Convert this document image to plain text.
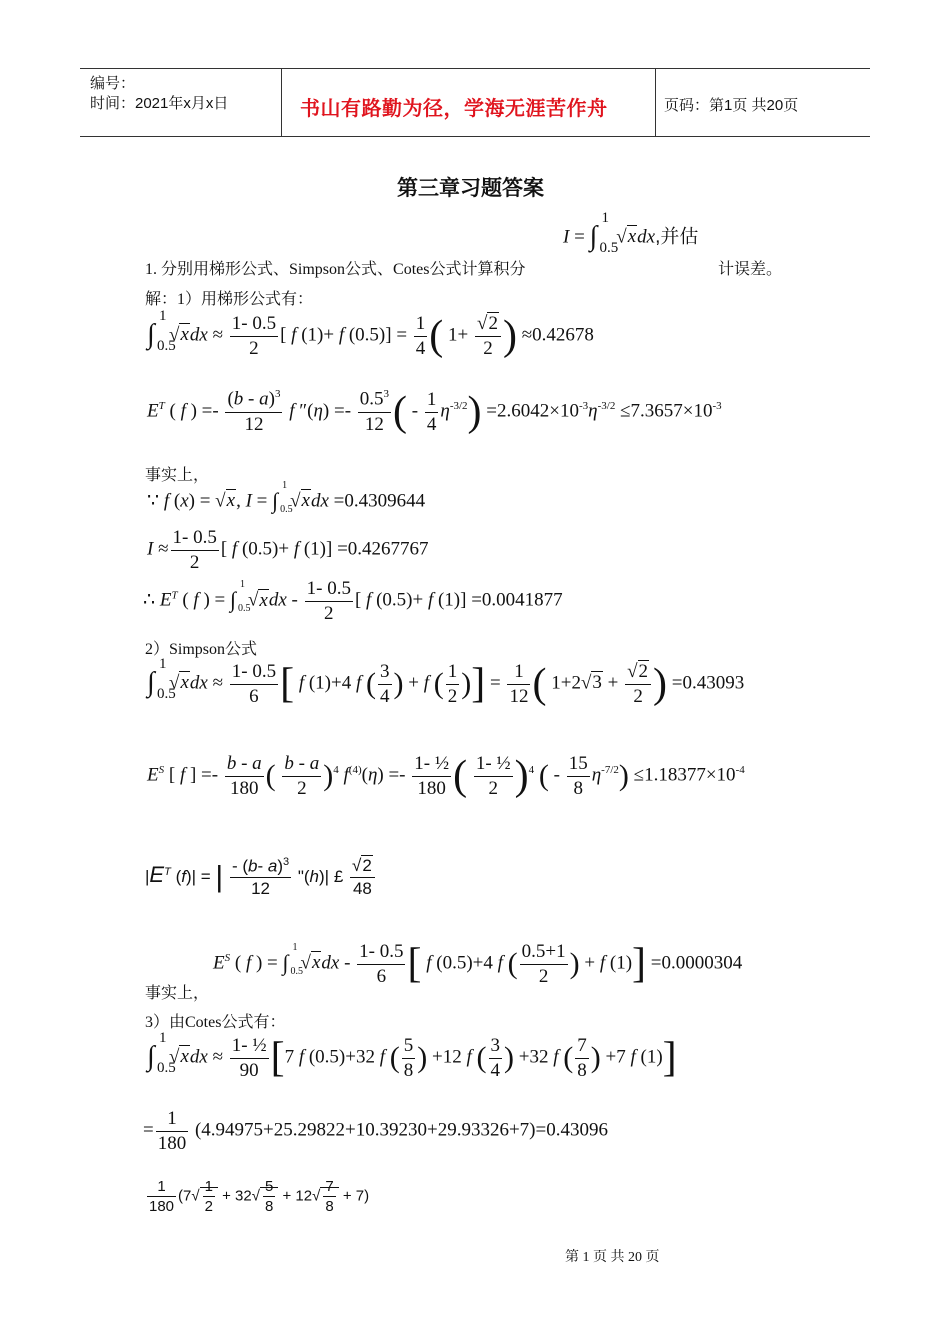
编号：
时间：2021年x月x日	书山有路勤为径，学海无涯苦作舟	页码：第1页 共20页
第三章习题答案
I = ∫
1
0.5
√xdx,并估
1. 分别用梯形公式、Simpson公式、Cotes公式计算积分	计误差。
解：1）用梯形公式有：
∫
1
0.5
$√xdx \approx \frac{1- 0.5}{2}$ [ f (1)+ f $(0.5)] = \frac{1}{4}$ ( $1+ \frac{√2}{2}$ ) ≈0.42678
$E^T$ ( f ) =- $\frac{(b - a)^3}{12}$ f $''(\eta) =- \frac{0.5^3}{12}$ ( - $\frac{1}{4} \eta^{-3/2}) =2.6042\times 10^{-3}\eta^{-3/2} \le 7.3657\times 10^{-3}$
事实上，
∵ f (x) = √x, I = ∫
1
0.5
√xdx =0.4309644
$I \approx \frac{1- 0.5}{2}$ [ f (0.5)+ f (1)] =0.4267767
∴ $E^T$ ( f ) = ∫
1
0.5
$√xdx - \frac{1- 0.5}{2}$ [ f (0.5)+ f (1)] =0.0041877
2）Simpson公式
∫
1
0.5
$√xdx \approx \frac{1- 0.5}{6}$ [ f (1)+4 f ( $\frac{3}{4}$ ) + f ( $\frac{1}{2}$ )] = $\frac{1}{12}$ ( $1+2√3 + \frac{√2}{2}$ ) =0.43093
$E^S$ [ f ] =- $\frac{b - a}{180}$ ( $\frac{b - a}{2} )^4$ $f^{(4)}(\eta) =- \frac{\text{1- ½}}{180}$ ( $\frac{\text{1- ½}}{2} )^4$ ( - $\frac{15}{8} \eta^{-7/2}) \le 1.18377\times 10^{-4}$
$|E^T$ (f)| = | $\frac{- (b- a)^3}{12}$ "(h)| £ $\frac{√2}{48}$
$E^S$ ( f ) = ∫
1
0.5
$√xdx - \frac{1- 0.5}{6}$ [ f (0.5)+4 f ( $\frac{0.5+1}{2}$ ) + f (1)] =0.0000304
事实上，
3）由Cotes公式有：
∫
1
0.5
$√xdx \approx \frac{\text{1- ½}}{90} [7$ f (0.5)+32 f ( $\frac{5}{8}$ ) +12 f ( $\frac{3}{4}$ ) +32 f ( $\frac{7}{8}$ ) +7 f (1)]
= $\frac{1}{180} (4.94975+25.29822+10.39230+29.93326+7)=0.43096$
$\frac{1}{180} (7√ \frac{1}{2} + 32√ \frac{5}{8} + 12√ \frac{7}{8} + 7)$
第 1 页 共 20 页
